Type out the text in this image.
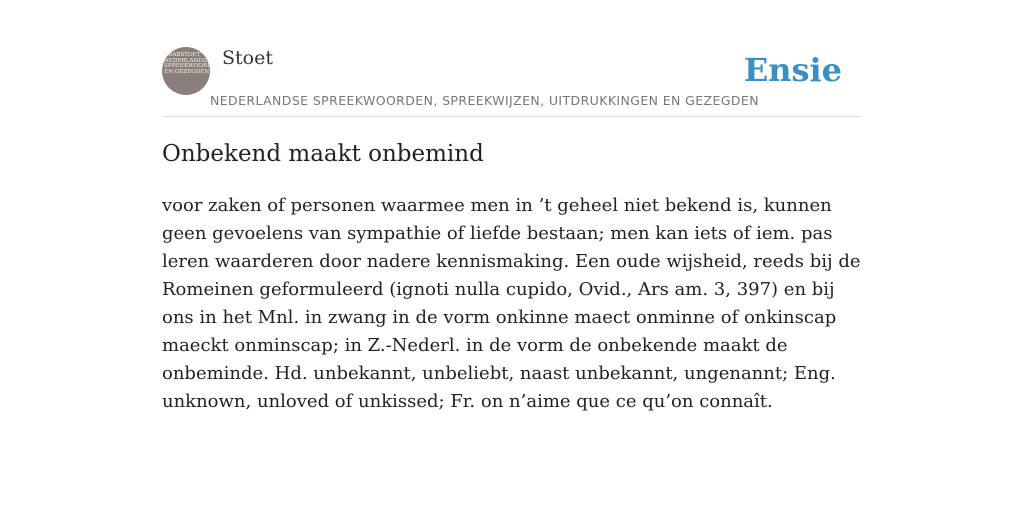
BRABSTOET NEDERLANDSE SPREEKWOORDEN EN GEZEGDEN
Stoet
NEDERLANDSE SPREEKWOORDEN, SPREEKWIJZEN, UITDRUKKINGEN EN GEZEGDEN
Ensie
Onbekend maakt onbemind

voor zaken of personen waarmee men in ’t geheel niet bekend is, kunnen geen gevoelens van sympathie of liefde bestaan; men kan iets of iem. pas leren waarderen door nadere kennismaking. Een oude wijsheid, reeds bij de Romeinen geformuleerd (ignoti nulla cupido, Ovid., Ars am. 3, 397) en bij ons in het Mnl. in zwang in de vorm onkinne maect onminne of onkinscap maeckt onminscap; in Z.-Nederl. in de vorm de onbekende maakt de onbeminde. Hd. unbekannt, unbeliebt, naast unbekannt, ungenannt; Eng. unknown, unloved of unkissed; Fr. on n’aime que ce qu’on connaît.
